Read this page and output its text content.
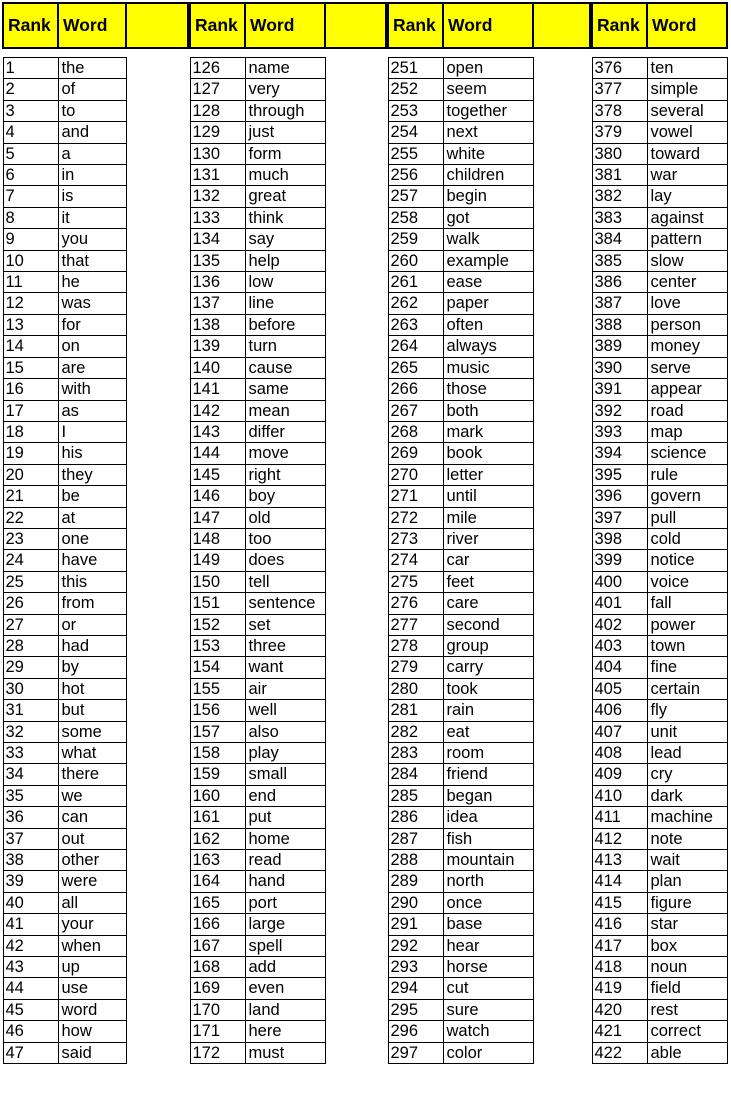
Rank	Word	

1	the	
2	of	
3	to	
4	and	
5	a	
6	in	
7	is	
8	it	
9	you	
10	that	
11	he	
12	was	
13	for	
14	on	
15	are	
16	with	
17	as	
18	I	
19	his	
20	they	
21	be	
22	at	
23	one	
24	have	
25	this	
26	from	
27	or	
28	had	
29	by	
30	hot	
31	but	
32	some	
33	what	
34	there	
35	we	
36	can	
37	out	
38	other	
39	were	
40	all	
41	your	
42	when	
43	up	
44	use	
45	word	
46	how	
47	said	
Rank	Word	

126	name	
127	very	
128	through	
129	just	
130	form	
131	much	
132	great	
133	think	
134	say	
135	help	
136	low	
137	line	
138	before	
139	turn	
140	cause	
141	same	
142	mean	
143	differ	
144	move	
145	right	
146	boy	
147	old	
148	too	
149	does	
150	tell	
151	sentence	
152	set	
153	three	
154	want	
155	air	
156	well	
157	also	
158	play	
159	small	
160	end	
161	put	
162	home	
163	read	
164	hand	
165	port	
166	large	
167	spell	
168	add	
169	even	
170	land	
171	here	
172	must	
Rank	Word	

251	open	
252	seem	
253	together	
254	next	
255	white	
256	children	
257	begin	
258	got	
259	walk	
260	example	
261	ease	
262	paper	
263	often	
264	always	
265	music	
266	those	
267	both	
268	mark	
269	book	
270	letter	
271	until	
272	mile	
273	river	
274	car	
275	feet	
276	care	
277	second	
278	group	
279	carry	
280	took	
281	rain	
282	eat	
283	room	
284	friend	
285	began	
286	idea	
287	fish	
288	mountain	
289	north	
290	once	
291	base	
292	hear	
293	horse	
294	cut	
295	sure	
296	watch	
297	color	
Rank	Word

376	ten
377	simple
378	several
379	vowel
380	toward
381	war
382	lay
383	against
384	pattern
385	slow
386	center
387	love
388	person
389	money
390	serve
391	appear
392	road
393	map
394	science
395	rule
396	govern
397	pull
398	cold
399	notice
400	voice
401	fall
402	power
403	town
404	fine
405	certain
406	fly
407	unit
408	lead
409	cry
410	dark
411	machine
412	note
413	wait
414	plan
415	figure
416	star
417	box
418	noun
419	field
420	rest
421	correct
422	able
